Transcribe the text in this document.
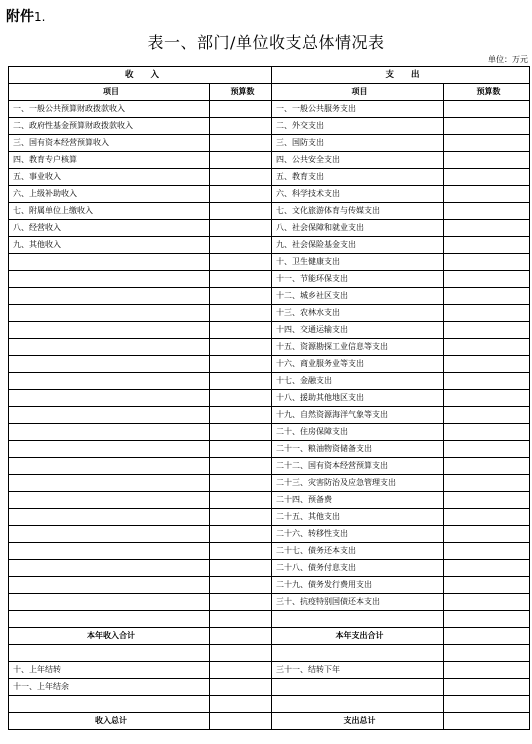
附件1.
表一、部门/单位收支总体情况表
单位：万元
收　　入		支　　出	
项目	预算数	项目	预算数
一、一般公共预算财政拨款收入		一、一般公共服务支出	
二、政府性基金预算财政拨款收入		二、外交支出	
三、国有资本经营预算收入		三、国防支出	
四、教育专户核算		四、公共安全支出	
五、事业收入		五、教育支出	
六、上级补助收入		六、科学技术支出	
七、附属单位上缴收入		七、文化旅游体育与传媒支出	
八、经营收入		八、社会保障和就业支出	
九、其他收入		九、社会保险基金支出	
		十、卫生健康支出	
		十一、节能环保支出	
		十二、城乡社区支出	
		十三、农林水支出	
		十四、交通运输支出	
		十五、资源勘探工业信息等支出	
		十六、商业服务业等支出	
		十七、金融支出	
		十八、援助其他地区支出	
		十九、自然资源海洋气象等支出	
		二十、住房保障支出	
		二十一、粮油物资储备支出	
		二十二、国有资本经营预算支出	
		二十三、灾害防治及应急管理支出	
		二十四、预备费	
		二十五、其他支出	
		二十六、转移性支出	
		二十七、债务还本支出	
		二十八、债务付息支出	
		二十九、债务发行费用支出	
		三十、抗疫特别国债还本支出	

本年收入合计		本年支出合计	

十、上年结转		三十一、结转下年	
十一、上年结余			

收入总计		支出总计	
